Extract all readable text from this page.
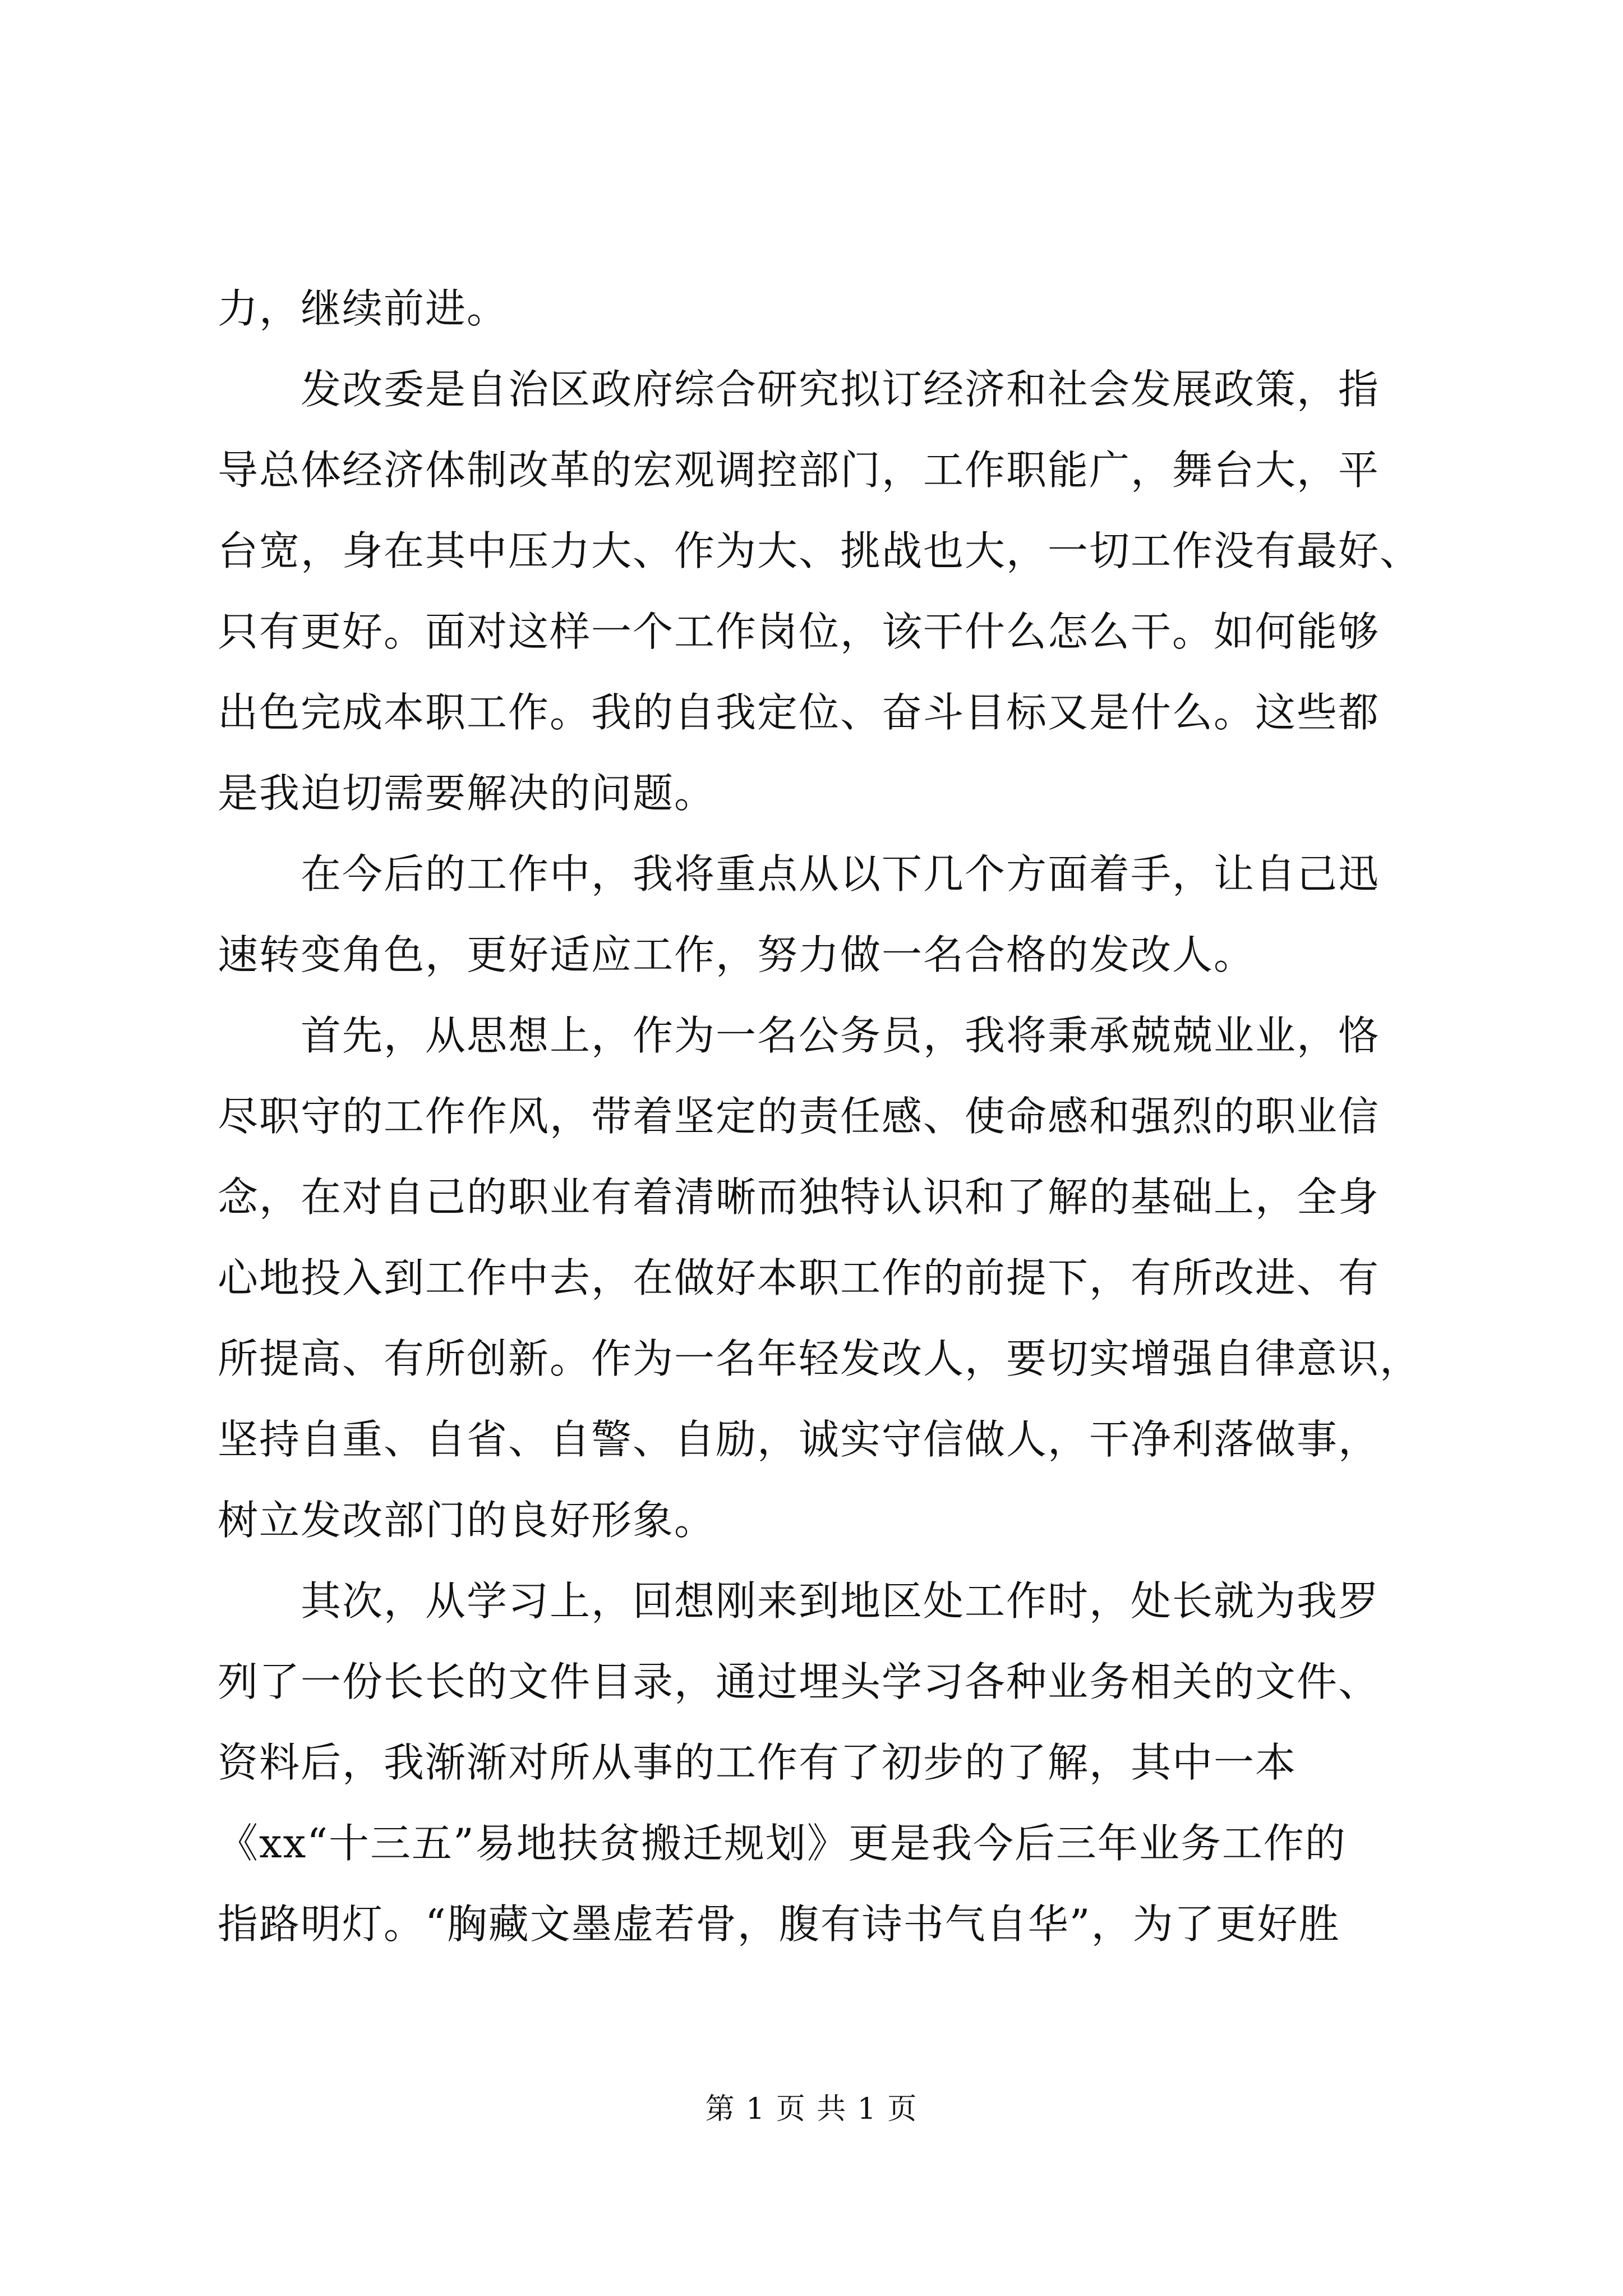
力，继续前进。
发改委是自治区政府综合研究拟订经济和社会发展政策，指
导总体经济体制改革的宏观调控部门，工作职能广，舞台大，平
台宽，身在其中压力大、作为大、挑战也大，一切工作没有最好、
只有更好。面对这样一个工作岗位，该干什么怎么干。如何能够
出色完成本职工作。我的自我定位、奋斗目标又是什么。这些都
是我迫切需要解决的问题。
在今后的工作中，我将重点从以下几个方面着手，让自己迅
速转变角色，更好适应工作，努力做一名合格的发改人。
首先，从思想上，作为一名公务员，我将秉承兢兢业业，恪
尽职守的工作作风，带着坚定的责任感、使命感和强烈的职业信
念，在对自己的职业有着清晰而独特认识和了解的基础上，全身
心地投入到工作中去，在做好本职工作的前提下，有所改进、有
所提高、有所创新。作为一名年轻发改人，要切实增强自律意识，
坚持自重、自省、自警、自励，诚实守信做人，干净利落做事，
树立发改部门的良好形象。
其次，从学习上，回想刚来到地区处工作时，处长就为我罗
列了一份长长的文件目录，通过埋头学习各种业务相关的文件、
资料后，我渐渐对所从事的工作有了初步的了解，其中一本
《xx“十三五”易地扶贫搬迁规划》更是我今后三年业务工作的
指路明灯。“胸藏文墨虚若骨，腹有诗书气自华”，为了更好胜
第 1 页 共 1 页
